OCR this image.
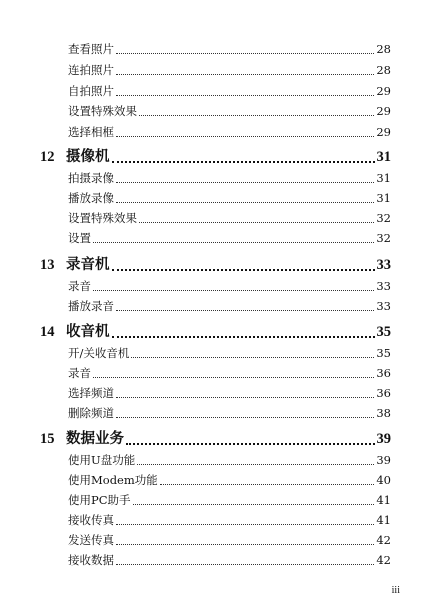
查看照片	28
连拍照片	28
自拍照片	29
设置特殊效果	29
选择相框	29
12 摄像机	31
拍摄录像	31
播放录像	31
设置特殊效果	32
设置	32
13 录音机	33
录音	33
播放录音	33
14 收音机	35
开/关收音机	35
录音	36
选择频道	36
删除频道	38
15 数据业务	39
使用U盘功能	39
使用Modem功能	40
使用PC助手	41
接收传真	41
发送传真	42
接收数据	42
iii
